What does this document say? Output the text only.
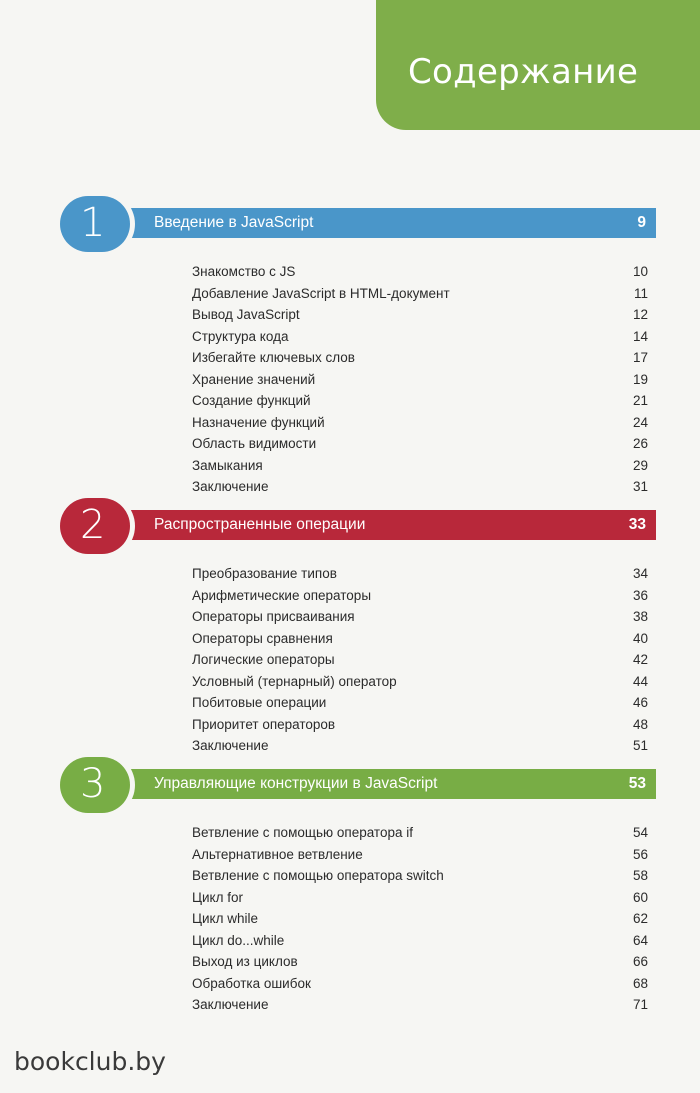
Содержание
Введение в JavaScript	9
1
Знакомство с JS	10
Добавление JavaScript в HTML-документ	11
Вывод JavaScript	12
Структура кода	14
Избегайте ключевых слов	17
Хранение значений	19
Создание функций	21
Назначение функций	24
Область видимости	26
Замыкания	29
Заключение	31
Распространенные операции	33
2
Преобразование типов	34
Арифметические операторы	36
Операторы присваивания	38
Операторы сравнения	40
Логические операторы	42
Условный (тернарный) оператор	44
Побитовые операции	46
Приоритет операторов	48
Заключение	51
Управляющие конструкции в JavaScript	53
3
Ветвление с помощью оператора if	54
Альтернативное ветвление	56
Ветвление с помощью оператора switch	58
Цикл for	60
Цикл while	62
Цикл do...while	64
Выход из циклов	66
Обработка ошибок	68
Заключение	71
bookclub.by
